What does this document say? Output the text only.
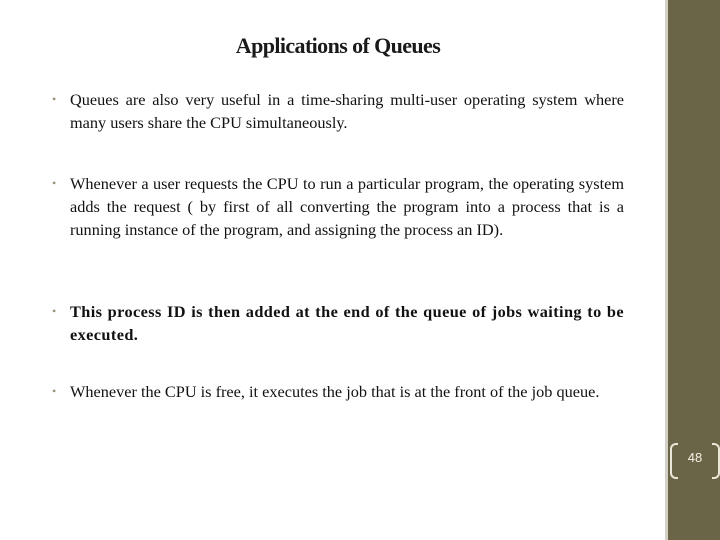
Applications of Queues
• Queues are also very useful in a time-sharing multi-user operating system where many users share the CPU simultaneously.
• Whenever a user requests the CPU to run a particular program, the operating system adds the request ( by first of all converting the program into a process that is a running instance of the program, and assigning the process an ID).
• This process ID is then added at the end of the queue of jobs waiting to be executed.
• Whenever the CPU is free, it executes the job that is at the front of the job queue.
48
